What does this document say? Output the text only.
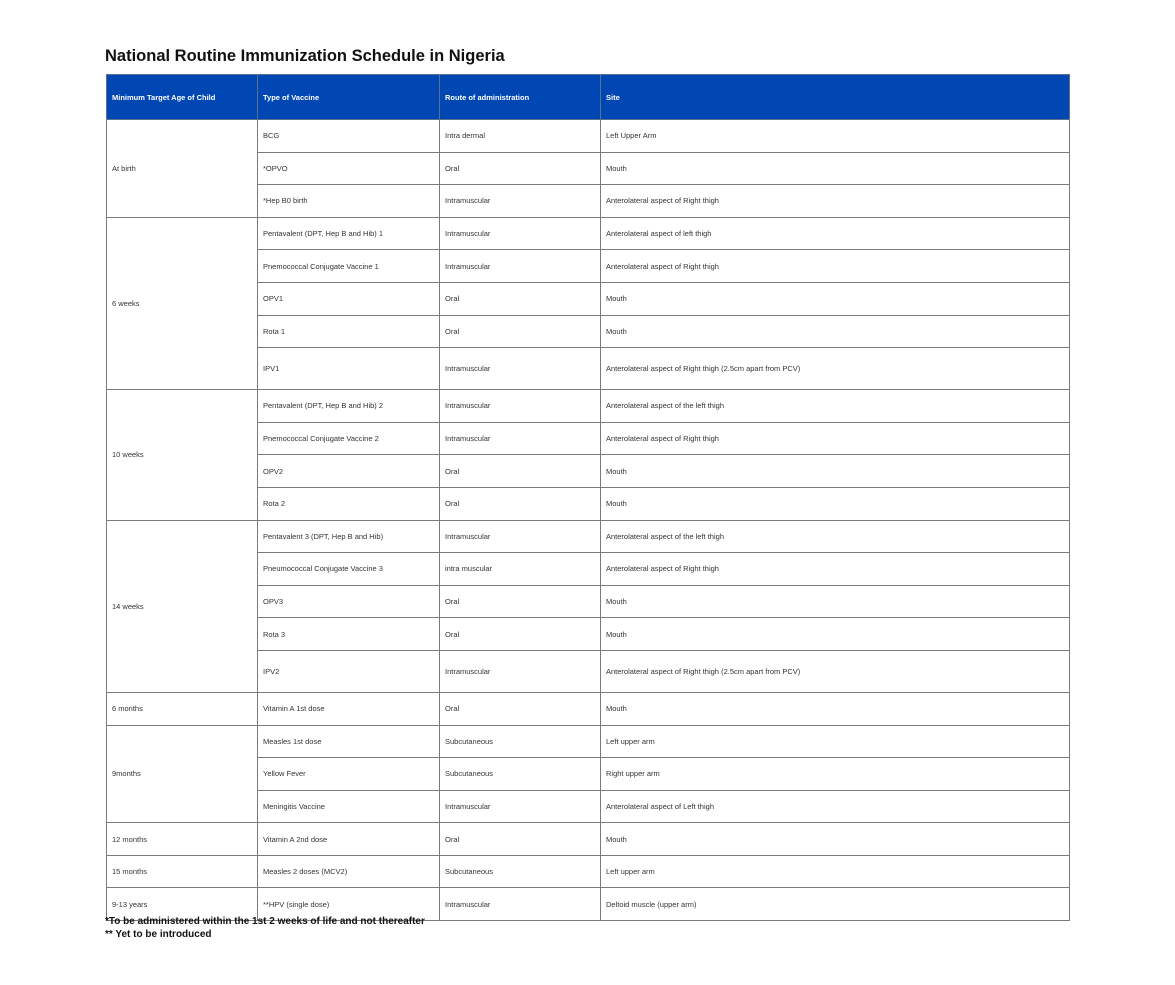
National Routine Immunization Schedule in Nigeria
Minimum Target Age of Child	Type of Vaccine	Route of administration	Site
At birth	BCG	Intra dermal	Left Upper Arm
	*OPVO	Oral	Mouth
	*Hep B0 birth	Intramuscular	Anterolateral aspect of Right thigh
6 weeks	Pentavalent (DPT, Hep B and Hib) 1	Intramuscular	Anterolateral aspect of left thigh
	Pnemococcal Conjugate Vaccine 1	Intramuscular	Anterolateral aspect of Right thigh
	OPV1	Oral	Mouth
	Rota 1	Oral	Mouth
	IPV1	Intramuscular	Anterolateral aspect of Right thigh (2.5cm apart from PCV)
10 weeks	Pentavalent (DPT, Hep B and Hib) 2	Intramuscular	Anterolateral aspect of the left thigh
	Pnemococcal Conjugate Vaccine 2	Intramuscular	Anterolateral aspect of Right thigh
	OPV2	Oral	Mouth
	Rota 2	Oral	Mouth
14 weeks	Pentavalent 3 (DPT, Hep B and Hib)	Intramuscular	Anterolateral aspect of the left thigh
	Pneumococcal Conjugate Vaccine 3	intra muscular	Anterolateral aspect of Right thigh
	OPV3	Oral	Mouth
	Rota 3	Oral	Mouth
	IPV2	Intramuscular	Anterolateral aspect of Right thigh (2.5cm apart from PCV)
6 months	Vitamin A 1st dose	Oral	Mouth
9months	Measles 1st dose	Subcutaneous	Left upper arm
	Yellow Fever	Subcutaneous	Right upper arm
	Meningitis Vaccine	Intramuscular	Anterolateral aspect of Left thigh
12 months	Vitamin A 2nd dose	Oral	Mouth
15 months	Measles 2 doses (MCV2)	Subcutaneous	Left upper arm
9-13 years	**HPV (single dose)	Intramuscular	Deltoid muscle (upper arm)

*To be administered within the 1st 2 weeks of life and not thereafter

** Yet to be introduced
